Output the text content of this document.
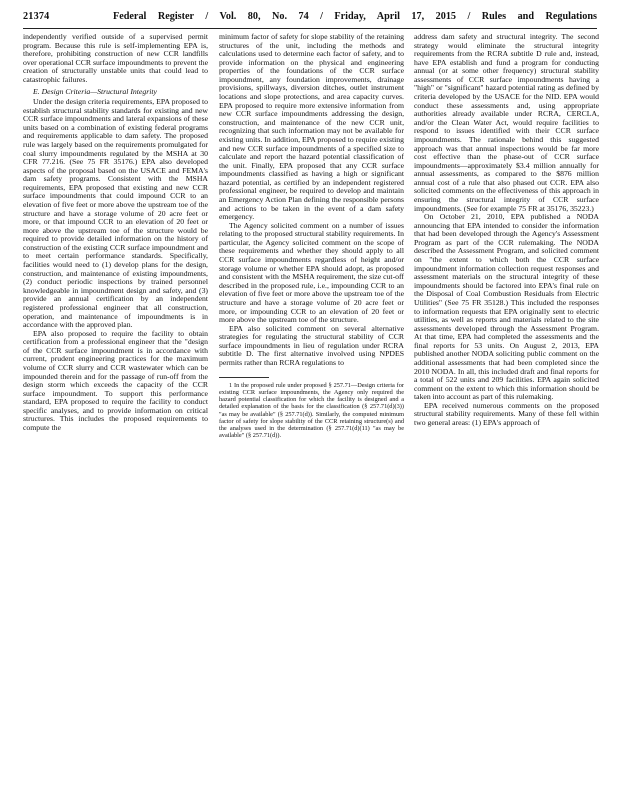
21374	Federal Register / Vol. 80, No. 74 / Friday, April 17, 2015 / Rules and Regulations

independently verified outside of a supervised permit program. Because this rule is self-implementing EPA is, therefore, prohibiting construction of new CCR landfills over operational CCR surface impoundments to prevent the creation of structurally unstable units that could lead to catastrophic failures.

E. Design Criteria—Structural Integrity

Under the design criteria requirements, EPA proposed to establish structural stability standards for existing and new CCR surface impoundments and lateral expansions of these units based on a combination of existing federal programs and requirements applicable to dam safety. The proposed rule was largely based on the requirements promulgated for coal slurry impoundments regulated by the MSHA at 30 CFR 77.216. (See 75 FR 35176.) EPA also developed aspects of the proposal based on the USACE and FEMA's dam safety programs. Consistent with the MSHA requirements, EPA proposed that existing and new CCR surface impoundments that could impound CCR to an elevation of five feet or more above the upstream toe of the structure and have a storage volume of 20 acre feet or more, or that impound CCR to an elevation of 20 feet or more above the upstream toe of the structure would be required to provide detailed information on the history of construction of the existing CCR surface impoundment and to meet certain performance standards. Specifically, facilities would need to (1) develop plans for the design, construction, and maintenance of existing impoundments, (2) conduct periodic inspections by trained personnel knowledgeable in impoundment design and safety, and (3) provide an annual certification by an independent registered professional engineer that all construction, operation, and maintenance of impoundments is in accordance with the approved plan.

EPA also proposed to require the facility to obtain certification from a professional engineer that the "design of the CCR surface impoundment is in accordance with current, prudent engineering practices for the maximum volume of CCR slurry and CCR wastewater which can be impounded therein and for the passage of run-off from the design storm which exceeds the capacity of the CCR surface impoundment. To support this performance standard, EPA proposed to require the facility to conduct specific analyses, and to provide information on critical structures. This includes the proposed requirements to compute the

minimum factor of safety for slope stability of the retaining structures of the unit, including the methods and calculations used to determine each factor of safety, and to provide information on the physical and engineering properties of the foundations of the CCR surface impoundment, any foundation improvements, drainage provisions, spillways, diversion ditches, outlet instrument locations and slope protections, and area capacity curves. EPA proposed to require more extensive information from new CCR surface impoundments addressing the design, construction, and maintenance of the new CCR unit, recognizing that such information may not be available for existing units. In addition, EPA proposed to require existing and new CCR surface impoundments of a specified size to calculate and report the hazard potential classification of the unit. Finally, EPA proposed that any CCR surface impoundments classified as having a high or significant hazard potential, as certified by an independent registered professional engineer, be required to develop and maintain an Emergency Action Plan defining the responsible persons and actions to be taken in the event of a dam safety emergency.

The Agency solicited comment on a number of issues relating to the proposed structural stability requirements. In particular, the Agency solicited comment on the scope of these requirements and whether they should apply to all CCR surface impoundments regardless of height and/or storage volume or whether EPA should adopt, as proposed and consistent with the MSHA requirement, the size cut-off described in the proposed rule, i.e., impounding CCR to an elevation of five feet or more above the upstream toe of the structure and have a storage volume of 20 acre feet or more, or impounding CCR to an elevation of 20 feet or more above the upstream toe of the structure.

EPA also solicited comment on several alternative strategies for regulating the structural stability of CCR surface impoundments in lieu of regulation under RCRA subtitle D. The first alternative involved using NPDES permits rather than RCRA regulations to

1 In the proposed rule under proposed § 257.71—Design criteria for existing CCR surface impoundments, the Agency only required the hazard potential classification for which the facility is designed and a detailed explanation of the basis for the classification (§ 257.71(d)(3)) "as may be available" (§ 257.71(d)). Similarly, the computed minimum factor of safety for slope stability of the CCR retaining structure(s) and the analyses used in the determination (§ 257.71(d)(11) "as may be available" (§ 257.71(d)).

address dam safety and structural integrity. The second strategy would eliminate the structural integrity requirements from the RCRA subtitle D rule and, instead, have EPA establish and fund a program for conducting annual (or at some other frequency) structural stability assessments of CCR surface impoundments having a "high" or "significant" hazard potential rating as defined by criteria developed by the USACE for the NID. EPA would conduct these assessments and, using appropriate authorities already available under RCRA, CERCLA, and/or the Clean Water Act, would require facilities to respond to issues identified with their CCR surface impoundments. The rationale behind this suggested approach was that annual inspections would be far more cost effective than the phase-out of CCR surface impoundments—approximately $3.4 million annually for annual assessments, as compared to the $876 million annual cost of a rule that also phased out CCR. EPA also solicited comments on the effectiveness of this approach in ensuring the structural integrity of CCR surface impoundments. (See for example 75 FR at 35176, 35223.)

On October 21, 2010, EPA published a NODA announcing that EPA intended to consider the information that had been developed through the Agency's Assessment Program as part of the CCR rulemaking. The NODA described the Assessment Program, and solicited comment on "the extent to which both the CCR surface impoundment information collection request responses and assessment materials on the structural integrity of these impoundments should be factored into EPA's final rule on the Disposal of Coal Combustion Residuals from Electric Utilities" (See 75 FR 35128.) This included the responses to information requests that EPA originally sent to electric utilities, as well as reports and materials related to the site assessments developed through the Assessment Program. At that time, EPA had completed the assessments and the final reports for 53 units. On August 2, 2013, EPA published another NODA soliciting public comment on the additional assessments that had been completed since the 2010 NODA. In all, this included draft and final reports for a total of 522 units and 209 facilities. EPA again solicited comment on the extent to which this information should be taken into account as part of this rulemaking.

EPA received numerous comments on the proposed structural stability requirements. Many of these fell within two general areas: (1) EPA's approach of
